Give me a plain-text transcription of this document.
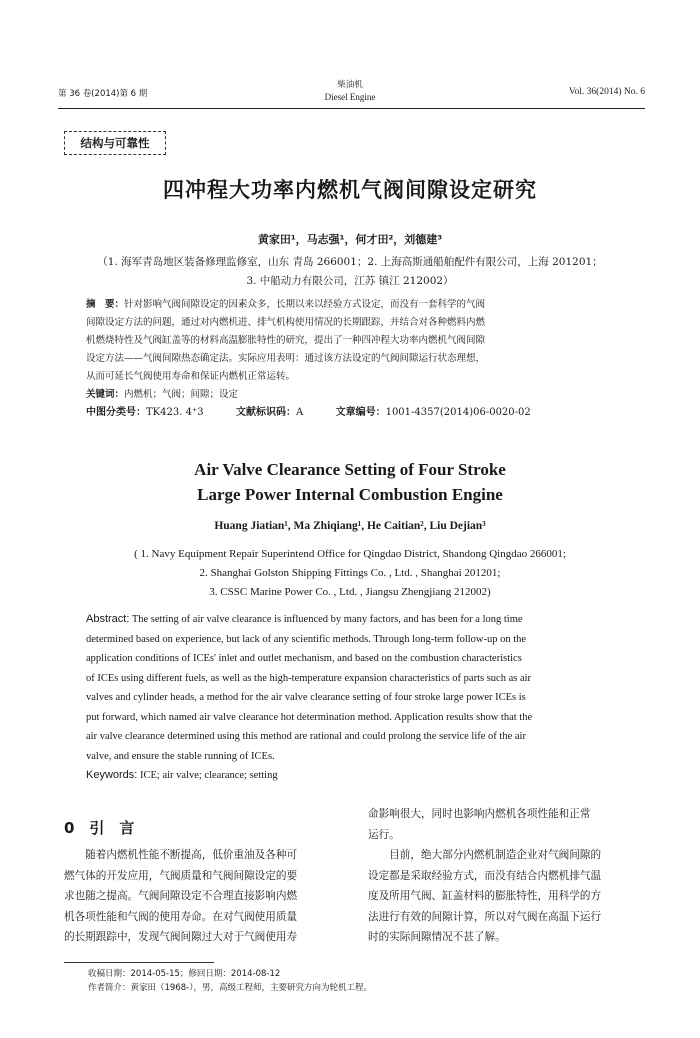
第 36 卷(2014)第 6 期
柴油机
Diesel Engine	Vol. 36(2014) No. 6
结构与可靠性
四冲程大功率内燃机气阀间隙设定研究
黄家田¹，马志强¹，何才田²，刘德建³
（1. 海军青岛地区装备修理监修室，山东 青岛 266001；2. 上海高斯通船舶配件有限公司，上海 201201；
3. 中船动力有限公司，江苏 镇江 212002）
摘　要：针对影响气阀间隙设定的因素众多，长期以来以经验方式设定，而没有一套科学的气阀
间隙设定方法的问题，通过对内燃机进、排气机构使用情况的长期跟踪，并结合对各种燃料内燃
机燃烧特性及气阀缸盖等的材料高温膨胀特性的研究，提出了一种四冲程大功率内燃机气阀间隙
设定方法——气阀间隙热态确定法。实际应用表明：通过该方法设定的气阀间隙运行状态理想，
从而可延长气阀使用寿命和保证内燃机正常运转。
关键词：内燃机；气阀；间隙；设定
中图分类号：TK423. 4⁺3	文献标识码：A	文章编号：1001-4357(2014)06-0020-02
Air Valve Clearance Setting of Four Stroke
Large Power Internal Combustion Engine
Huang Jiatian¹, Ma Zhiqiang¹, He Caitian², Liu Dejian³
( 1. Navy Equipment Repair Superintend Office for Qingdao District, Shandong Qingdao 266001;
2. Shanghai Golston Shipping Fittings Co. , Ltd. , Shanghai 201201;
3. CSSC Marine Power Co. , Ltd. , Jiangsu Zhengjiang 212002)
Abstract: The setting of air valve clearance is influenced by many factors, and has been for a long time
determined based on experience, but lack of any scientific methods. Through long-term follow-up on the
application conditions of ICEs' inlet and outlet mechanism, and based on the combustion characteristics
of ICEs using different fuels, as well as the high-temperature expansion characteristics of parts such as air
valves and cylinder heads, a method for the air valve clearance setting of four stroke large power ICEs is
put forward, which named air valve clearance hot determination method. Application results show that the
air valve clearance determined using this method are rational and could prolong the service life of the air
valve, and ensure the stable running of ICEs.
Keywords: ICE; air valve; clearance; setting
0　引　言
　　随着内燃机性能不断提高，低价重油及各种可
燃气体的开发应用，气阀质量和气阀间隙设定的要
求也随之提高。气阀间隙设定不合理直接影响内燃
机各项性能和气阀的使用寿命。在对气阀使用质量
的长期跟踪中，发现气阀间隙过大对于气阀使用寿
命影响很大，同时也影响内燃机各项性能和正常
运行。
　　目前，绝大部分内燃机制造企业对气阀间隙的
设定都是采取经验方式，而没有结合内燃机排气温
度及所用气阀、缸盖材料的膨胀特性，用科学的方
法进行有效的间隙计算，所以对气阀在高温下运行
时的实际间隙情况不甚了解。
收稿日期：2014-05-15；修回日期：2014-08-12
作者简介：黄家田（1968-），男，高级工程师，主要研究方向为轮机工程。
